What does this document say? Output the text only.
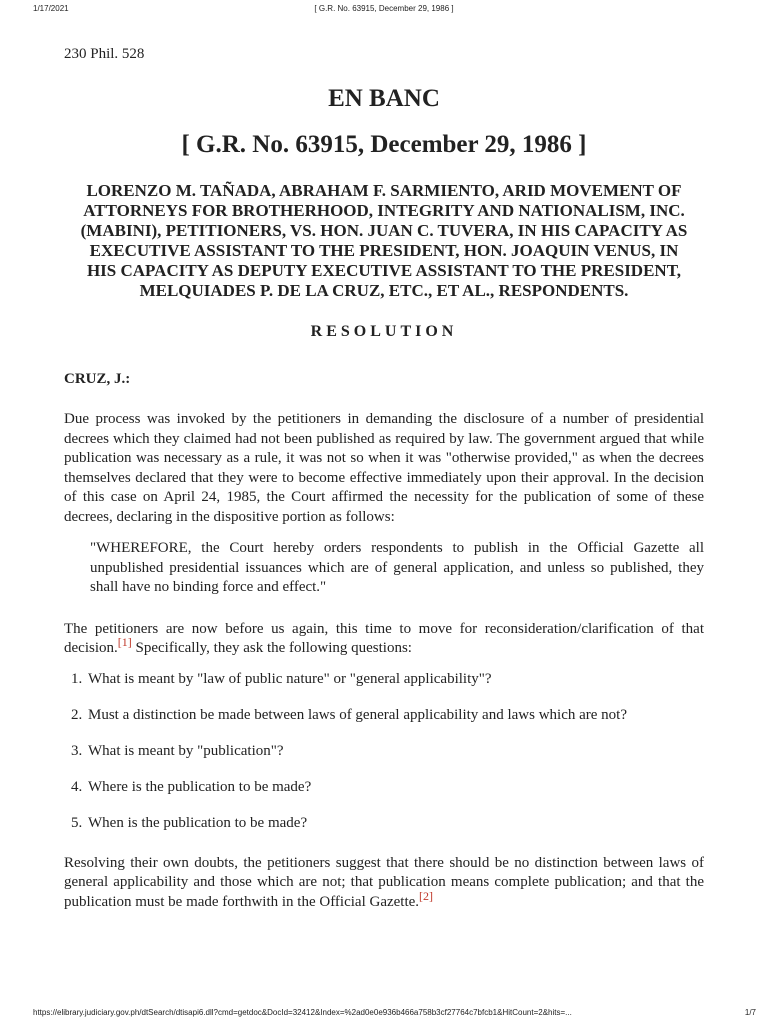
1/17/2021	[ G.R. No. 63915, December 29, 1986 ]

230 Phil. 528

EN BANC
[ G.R. No. 63915, December 29, 1986 ]
LORENZO M. TAÑADA, ABRAHAM F. SARMIENTO, ARID MOVEMENT OF ATTORNEYS FOR BROTHERHOOD, INTEGRITY AND NATIONALISM, INC. (MABINI), PETITIONERS, VS. HON. JUAN C. TUVERA, IN HIS CAPACITY AS EXECUTIVE ASSISTANT TO THE PRESIDENT, HON. JOAQUIN VENUS, IN HIS CAPACITY AS DEPUTY EXECUTIVE ASSISTANT TO THE PRESIDENT, MELQUIADES P. DE LA CRUZ, ETC., ET AL., RESPONDENTS.
RESOLUTION

CRUZ, J.:

Due process was invoked by the petitioners in demanding the disclosure of a number of presidential decrees which they claimed had not been published as required by law. The government argued that while publication was necessary as a rule, it was not so when it was "otherwise provided," as when the decrees themselves declared that they were to become effective immediately upon their approval. In the decision of this case on April 24, 1985, the Court affirmed the necessity for the publication of some of these decrees, declaring in the dispositive portion as follows:

"WHEREFORE, the Court hereby orders respondents to publish in the Official Gazette all unpublished presidential issuances which are of general application, and unless so published, they shall have no binding force and effect."

The petitioners are now before us again, this time to move for reconsideration/clarification of that decision.[1] Specifically, they ask the following questions:

1. What is meant by "law of public nature" or "general applicability"?
2. Must a distinction be made between laws of general applicability and laws which are not?
3. What is meant by "publication"?
4. Where is the publication to be made?
5. When is the publication to be made?

Resolving their own doubts, the petitioners suggest that there should be no distinction between laws of general applicability and those which are not; that publication means complete publication; and that the publication must be made forthwith in the Official Gazette.[2]

https://elibrary.judiciary.gov.ph/dtSearch/dtisapi6.dll?cmd=getdoc&DocId=32412&Index=%2ad0e0e936b466a758b3cf27764c7bfcb1&HitCount=2&hits=...	1/7
